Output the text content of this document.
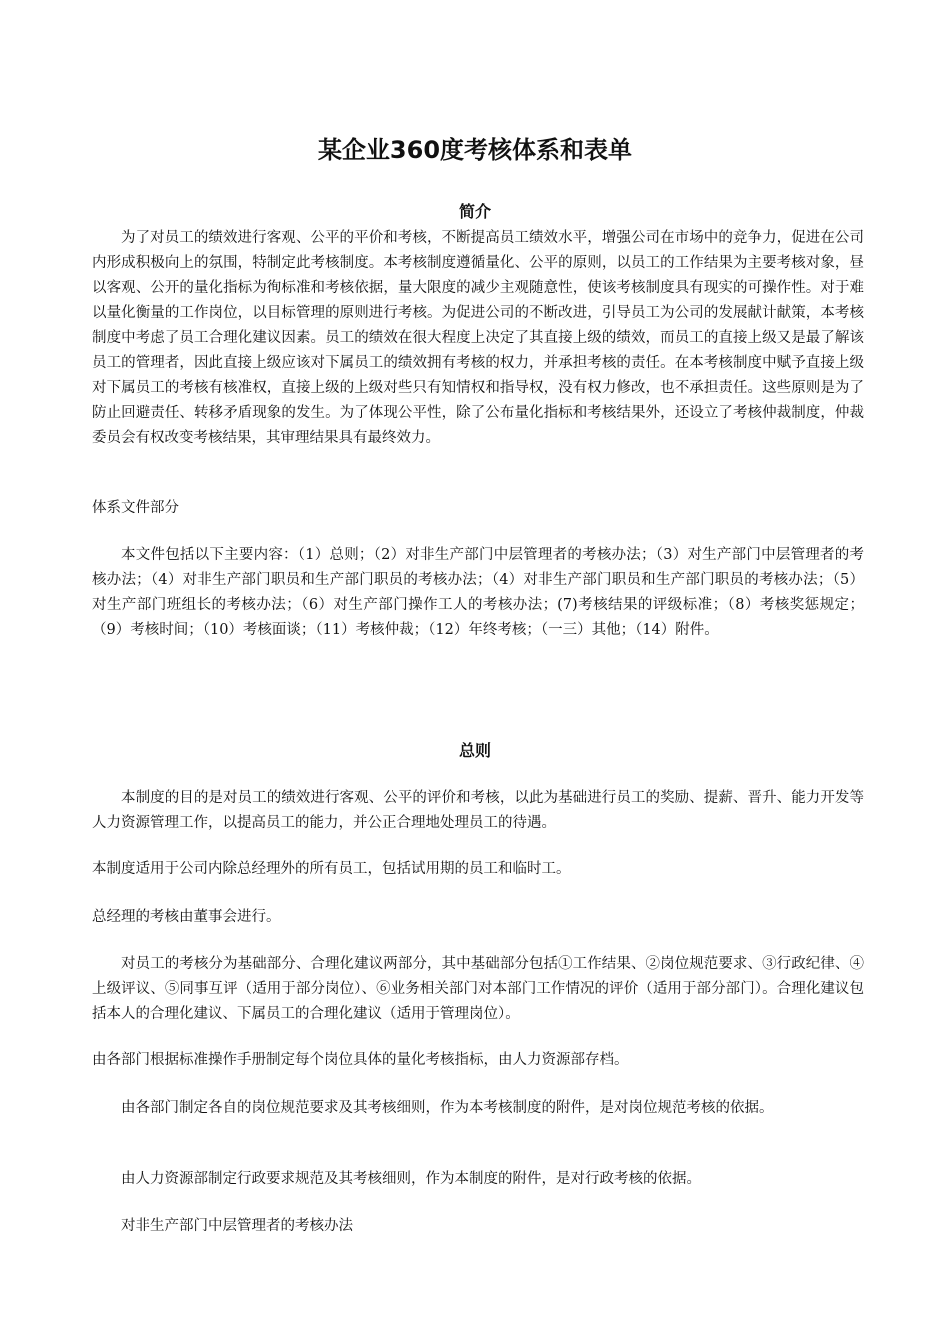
某企业360度考核体系和表单
简介

为了对员工的绩效进行客观、公平的平价和考核，不断提高员工绩效水平，增强公司在市场中的竞争力，促进在公司内形成积极向上的氛围，特制定此考核制度。本考核制度遵循量化、公平的原则，以员工的工作结果为主要考核对象，昼以客观、公开的量化指标为徇标准和考核依据，量大限度的减少主观随意性，使该考核制度具有现实的可操作性。对于难以量化衡量的工作岗位，以目标管理的原则进行考核。为促进公司的不断改进，引导员工为公司的发展献计献策，本考核制度中考虑了员工合理化建议因素。员工的绩效在很大程度上决定了其直接上级的绩效，而员工的直接上级又是最了解该员工的管理者，因此直接上级应该对下属员工的绩效拥有考核的权力，并承担考核的责任。在本考核制度中赋予直接上级对下属员工的考核有核准权，直接上级的上级对些只有知情权和指导权，没有权力修改，也不承担责任。这些原则是为了防止回避责任、转移矛盾现象的发生。为了体现公平性，除了公布量化指标和考核结果外，还设立了考核仲裁制度，仲裁委员会有权改变考核结果，其审理结果具有最终效力。

体系文件部分

本文件包括以下主要内容：（1）总则；（2）对非生产部门中层管理者的考核办法；（3）对生产部门中层管理者的考核办法；（4）对非生产部门职员和生产部门职员的考核办法；（4）对非生产部门职员和生产部门职员的考核办法；（5）对生产部门班组长的考核办法；（6）对生产部门操作工人的考核办法；(7)考核结果的评级标准；（8）考核奖惩规定；（9）考核时间；（10）考核面谈；（11）考核仲裁；（12）年终考核；（一三）其他；（14）附件。

总则

本制度的目的是对员工的绩效进行客观、公平的评价和考核，以此为基础进行员工的奖励、提薪、晋升、能力开发等人力资源管理工作，以提高员工的能力，并公正合理地处理员工的待遇。

本制度适用于公司内除总经理外的所有员工，包括试用期的员工和临时工。

总经理的考核由董事会进行。

对员工的考核分为基础部分、合理化建议两部分，其中基础部分包括①工作结果、②岗位规范要求、③行政纪律、④上级评议、⑤同事互评（适用于部分岗位）、⑥业务相关部门对本部门工作情况的评价（适用于部分部门）。合理化建议包括本人的合理化建议、下属员工的合理化建议（适用于管理岗位）。

由各部门根据标准操作手册制定每个岗位具体的量化考核指标，由人力资源部存档。

由各部门制定各自的岗位规范要求及其考核细则，作为本考核制度的附件，是对岗位规范考核的依据。

由人力资源部制定行政要求规范及其考核细则，作为本制度的附件，是对行政考核的依据。

对非生产部门中层管理者的考核办法
